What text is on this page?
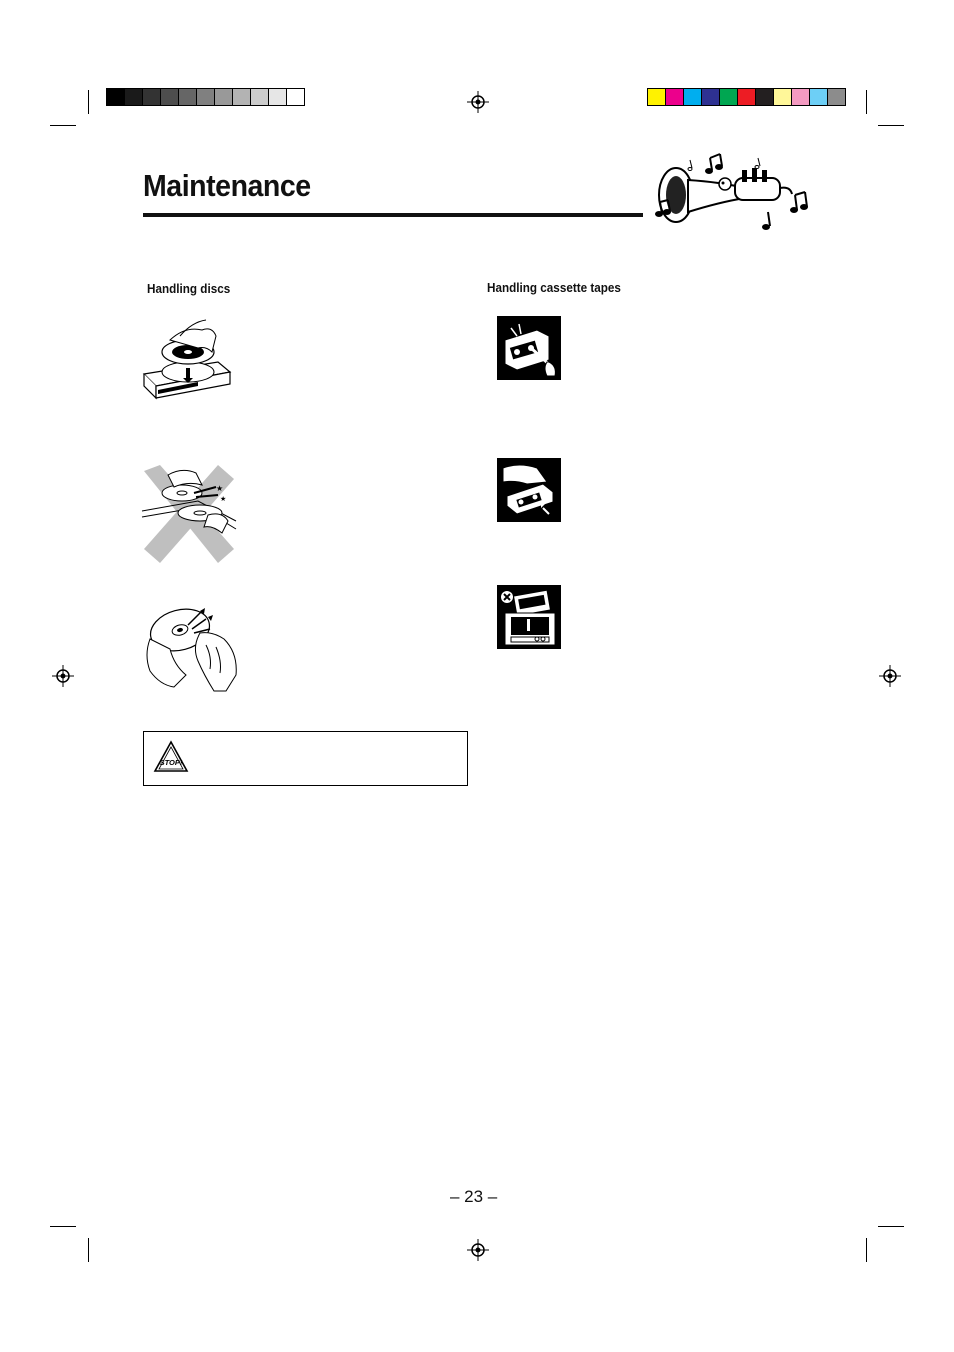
Maintenance
Handling discs	Handling cassette tapes
★
★
STOP!
– 23 –
